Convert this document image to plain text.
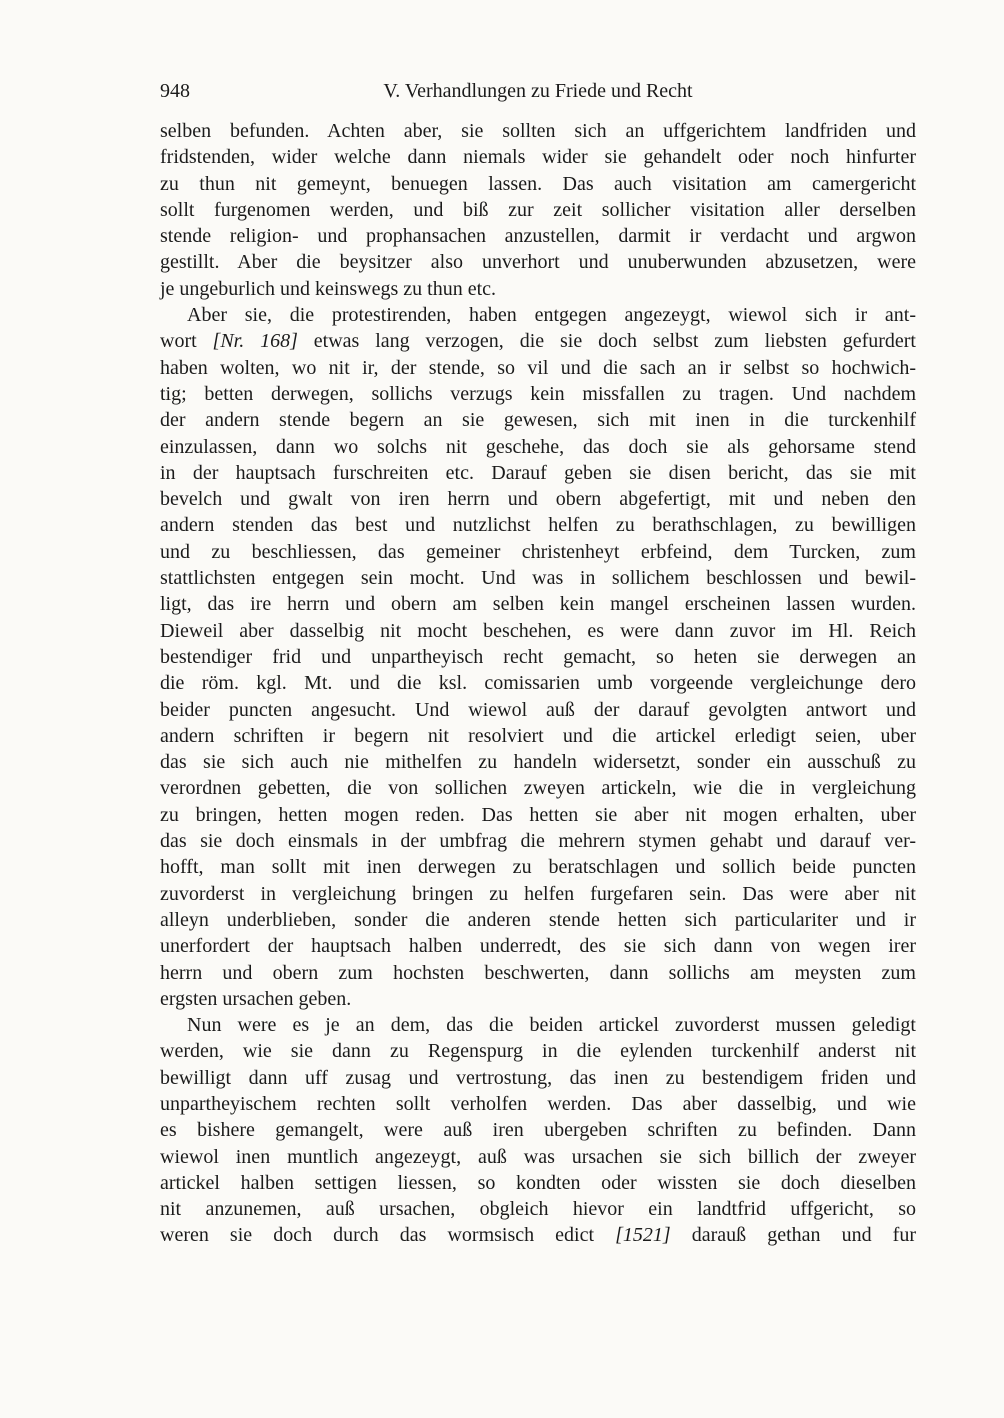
948	V. Verhandlungen zu Friede und Recht
selben befunden. Achten aber, sie sollten sich an uffgerichtem landfriden und
fridstenden, wider welche dann niemals wider sie gehandelt oder noch hinfurter
zu thun nit gemeynt, benuegen lassen. Das auch visitation am camergericht
sollt furgenomen werden, und biß zur zeit sollicher visitation aller derselben
stende religion- und prophansachen anzustellen, darmit ir verdacht und argwon
gestillt. Aber die beysitzer also unverhort und unuberwunden abzusetzen, were
je ungeburlich und keinswegs zu thun etc.
Aber sie, die protestirenden, haben entgegen angezeygt, wiewol sich ir ant-
wort [Nr. 168] etwas lang verzogen, die sie doch selbst zum liebsten gefurdert
haben wolten, wo nit ir, der stende, so vil und die sach an ir selbst so hochwich-
tig; betten derwegen, sollichs verzugs kein missfallen zu tragen. Und nachdem
der andern stende begern an sie gewesen, sich mit inen in die turckenhilf
einzulassen, dann wo solchs nit geschehe, das doch sie als gehorsame stend
in der hauptsach furschreiten etc. Darauf geben sie disen bericht, das sie mit
bevelch und gwalt von iren herrn und obern abgefertigt, mit und neben den
andern stenden das best und nutzlichst helfen zu berathschlagen, zu bewilligen
und zu beschliessen, das gemeiner christenheyt erbfeind, dem Turcken, zum
stattlichsten entgegen sein mocht. Und was in sollichem beschlossen und bewil-
ligt, das ire herrn und obern am selben kein mangel erscheinen lassen wurden.
Dieweil aber dasselbig nit mocht beschehen, es were dann zuvor im Hl. Reich
bestendiger frid und unpartheyisch recht gemacht, so heten sie derwegen an
die röm. kgl. Mt. und die ksl. comissarien umb vorgeende vergleichunge dero
beider puncten angesucht. Und wiewol auß der darauf gevolgten antwort und
andern schriften ir begern nit resolviert und die artickel erledigt seien, uber
das sie sich auch nie mithelfen zu handeln widersetzt, sonder ein ausschuß zu
verordnen gebetten, die von sollichen zweyen artickeln, wie die in vergleichung
zu bringen, hetten mogen reden. Das hetten sie aber nit mogen erhalten, uber
das sie doch einsmals in der umbfrag die mehrern stymen gehabt und darauf ver-
hofft, man sollt mit inen derwegen zu beratschlagen und sollich beide puncten
zuvorderst in vergleichung bringen zu helfen furgefaren sein. Das were aber nit
alleyn underblieben, sonder die anderen stende hetten sich particulariter und ir
unerfordert der hauptsach halben underredt, des sie sich dann von wegen irer
herrn und obern zum hochsten beschwerten, dann sollichs am meysten zum
ergsten ursachen geben.
Nun were es je an dem, das die beiden artickel zuvorderst mussen geledigt
werden, wie sie dann zu Regenspurg in die eylenden turckenhilf anderst nit
bewilligt dann uff zusag und vertrostung, das inen zu bestendigem friden und
unpartheyischem rechten sollt verholfen werden. Das aber dasselbig, und wie
es bishere gemangelt, were auß iren ubergeben schriften zu befinden. Dann
wiewol inen muntlich angezeygt, auß was ursachen sie sich billich der zweyer
artickel halben settigen liessen, so kondten oder wissten sie doch dieselben
nit anzunemen, auß ursachen, obgleich hievor ein landtfrid uffgericht, so
weren sie doch durch das wormsisch edict [1521] darauß gethan und fur
